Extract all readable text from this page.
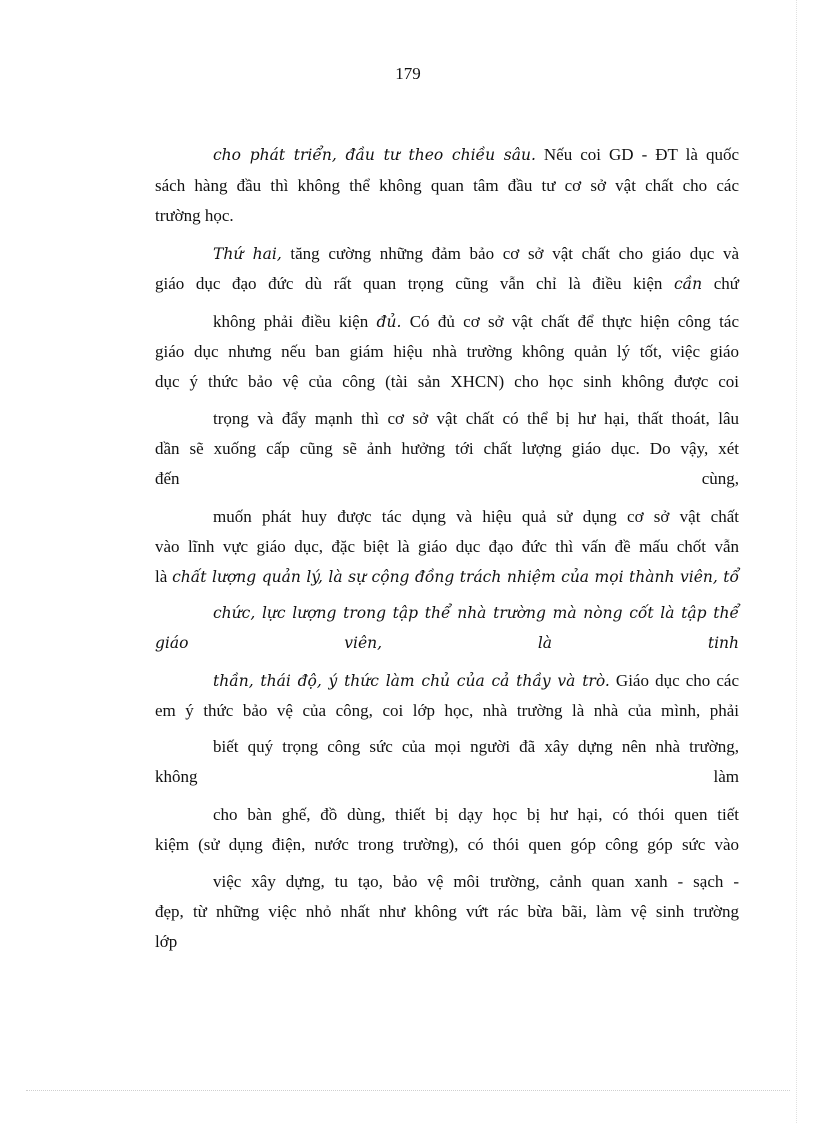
179
cho phát triển, đầu tư theo chiều sâu. Nếu coi GD - ĐT là quốc
sách hàng đầu thì không thể không quan tâm đầu tư cơ sở vật chất cho các
trường học.
Thứ hai, tăng cường những đảm bảo cơ sở vật chất cho giáo dục và
giáo dục đạo đức dù rất quan trọng cũng vẫn chỉ là điều kiện cần chứ
không phải điều kiện đủ. Có đủ cơ sở vật chất để thực hiện công tác
giáo dục nhưng nếu ban giám hiệu nhà trường không quản lý tốt, việc giáo
dục ý thức bảo vệ của công (tài sản XHCN) cho học sinh không được coi
trọng và đẩy mạnh thì cơ sở vật chất có thể bị hư hại, thất thoát, lâu
dần sẽ xuống cấp cũng sẽ ảnh hưởng tới chất lượng giáo dục. Do vậy, xét
đến cùng,
muốn phát huy được tác dụng và hiệu quả sử dụng cơ sở vật chất
vào lĩnh vực giáo dục, đặc biệt là giáo dục đạo đức thì vấn đề mấu chốt vẫn
là chất lượng quản lý, là sự cộng đồng trách nhiệm của mọi thành viên, tổ
chức, lực lượng trong tập thể nhà trường mà nòng cốt là tập thể
giáo viên, là tinh
thần, thái độ, ý thức làm chủ của cả thầy và trò. Giáo dục cho các
em ý thức bảo vệ của công, coi lớp học, nhà trường là nhà của mình, phải
biết quý trọng công sức của mọi người đã xây dựng nên nhà trường,
không làm
cho bàn ghế, đồ dùng, thiết bị dạy học bị hư hại, có thói quen tiết
kiệm (sử dụng điện, nước trong trường), có thói quen góp công góp sức vào
việc xây dựng, tu tạo, bảo vệ môi trường, cảnh quan xanh - sạch -
đẹp, từ những việc nhỏ nhất như không vứt rác bừa bãi, làm vệ sinh trường
lớp
